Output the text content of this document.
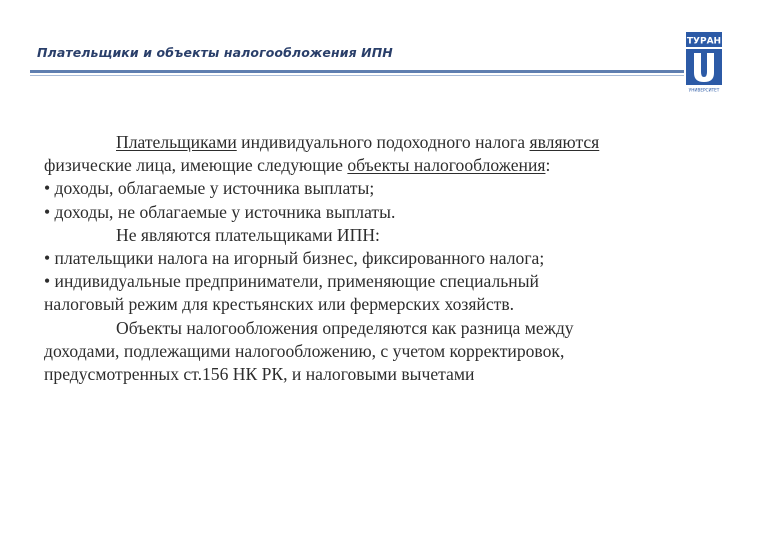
Плательщики и объекты налогообложения ИПН
ТУРАН
УНИВЕРСИТЕТ

Плательщиками индивидуального подоходного налога являются

физические лица, имеющие следующие объекты налогообложения:

• доходы, облагаемые у источника выплаты;

• доходы, не облагаемые у источника выплаты.

Не являются плательщиками ИПН:

• плательщики налога на игорный бизнес, фиксированного налога;

• индивидуальные предприниматели, применяющие специальный

налоговый режим для крестьянских или фермерских хозяйств.

Объекты налогообложения определяются как разница между

доходами, подлежащими налогообложению, с учетом корректировок,

предусмотренных ст.156 НК РК, и налоговыми вычетами
